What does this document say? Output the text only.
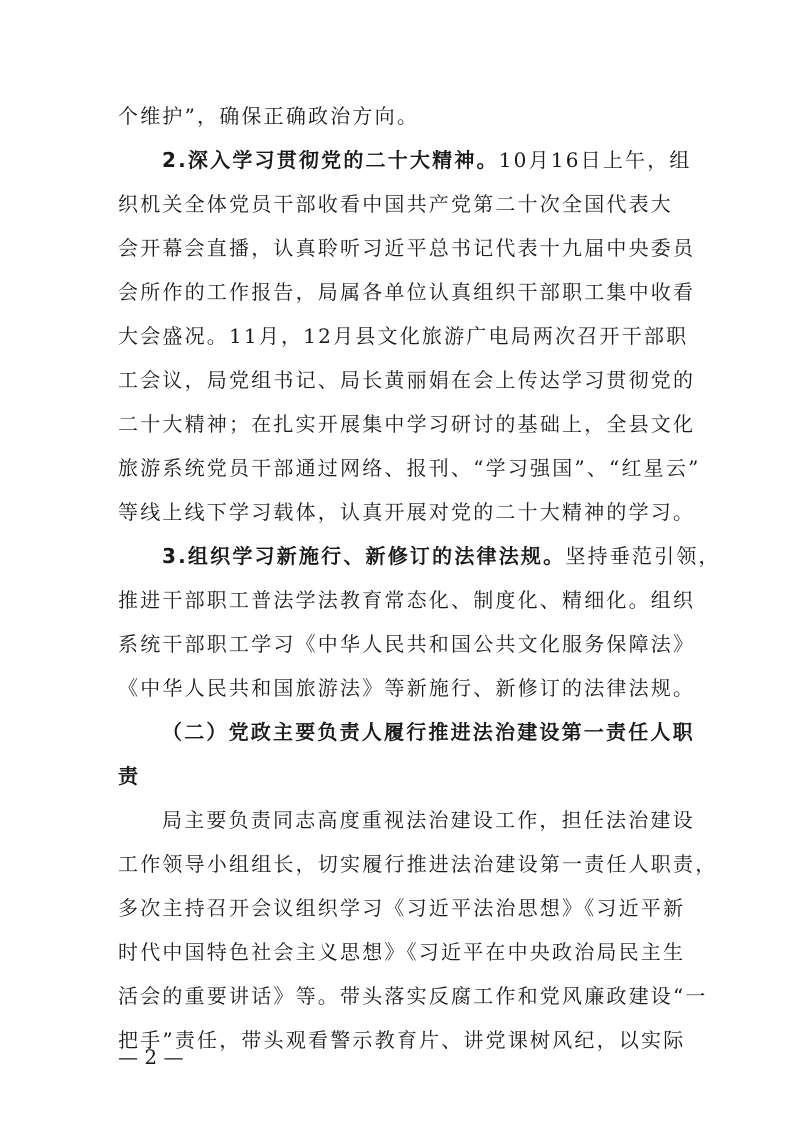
个维护”，确保正确政治方向。
2.深入学习贯彻党的二十大精神。10月16日上午，组
织机关全体党员干部收看中国共产党第二十次全国代表大
会开幕会直播，认真聆听习近平总书记代表十九届中央委员
会所作的工作报告，局属各单位认真组织干部职工集中收看
大会盛况。11月，12月县文化旅游广电局两次召开干部职
工会议，局党组书记、局长黄丽娟在会上传达学习贯彻党的
二十大精神；在扎实开展集中学习研讨的基础上，全县文化
旅游系统党员干部通过网络、报刊、“学习强国”、“红星云”
等线上线下学习载体，认真开展对党的二十大精神的学习。
3.组织学习新施行、新修订的法律法规。坚持垂范引领，
推进干部职工普法学法教育常态化、制度化、精细化。组织
系统干部职工学习《中华人民共和国公共文化服务保障法》
《中华人民共和国旅游法》等新施行、新修订的法律法规。
（二）党政主要负责人履行推进法治建设第一责任人职
责
局主要负责同志高度重视法治建设工作，担任法治建设
工作领导小组组长，切实履行推进法治建设第一责任人职责，
多次主持召开会议组织学习《习近平法治思想》《习近平新
时代中国特色社会主义思想》《习近平在中央政治局民主生
活会的重要讲话》等。带头落实反腐工作和党风廉政建设“一
— 2 —
把手”责任，带头观看警示教育片、讲党课树风纪，以实际
